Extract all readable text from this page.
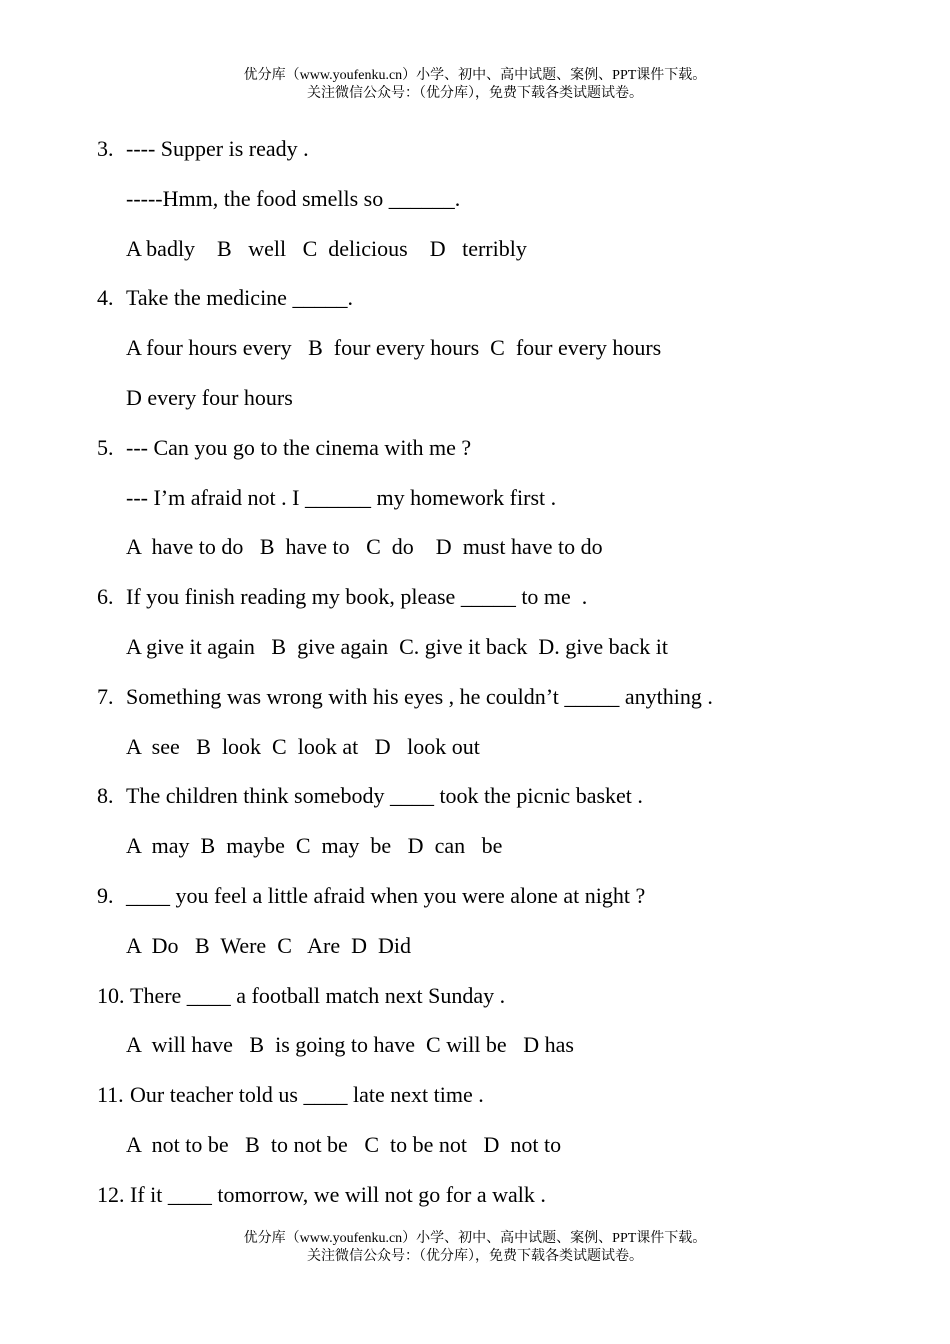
优分库（www.youfenku.cn）小学、初中、高中试题、案例、PPT课件下载。
关注微信公众号：（优分库），免费下载各类试题试卷。

3.

---- Supper is ready .

-----Hmm, the food smells so ______.
A badly    B   well   C  delicious    D   terribly

4.

Take the medicine _____.

A four hours every   B  four every hours  C  four every hours
D every four hours

5.

--- Can you go to the cinema with me ?

--- I’m afraid not . I ______ my homework first .
A  have to do   B  have to   C  do    D  must have to do

6.

If you finish reading my book, please _____ to me  .

A give it again   B  give again  C. give it back  D. give back it

7.

Something was wrong with his eyes , he couldn’t _____ anything .

A  see   B  look  C  look at   D   look out

8.

The children think somebody ____ took the picnic basket .

A  may  B  maybe  C  may  be   D  can   be

9.

____ you feel a little afraid when you were alone at night ?

A  Do   B  Were  C   Are  D  Did

10.

There ____ a football match next Sunday .

A  will have   B  is going to have  C will be   D has

11.

Our teacher told us ____ late next time .

A  not to be   B  to not be   C  to be not   D  not to

12.

If it ____ tomorrow, we will not go for a walk .

优分库（www.youfenku.cn）小学、初中、高中试题、案例、PPT课件下载。
关注微信公众号：（优分库），免费下载各类试题试卷。
